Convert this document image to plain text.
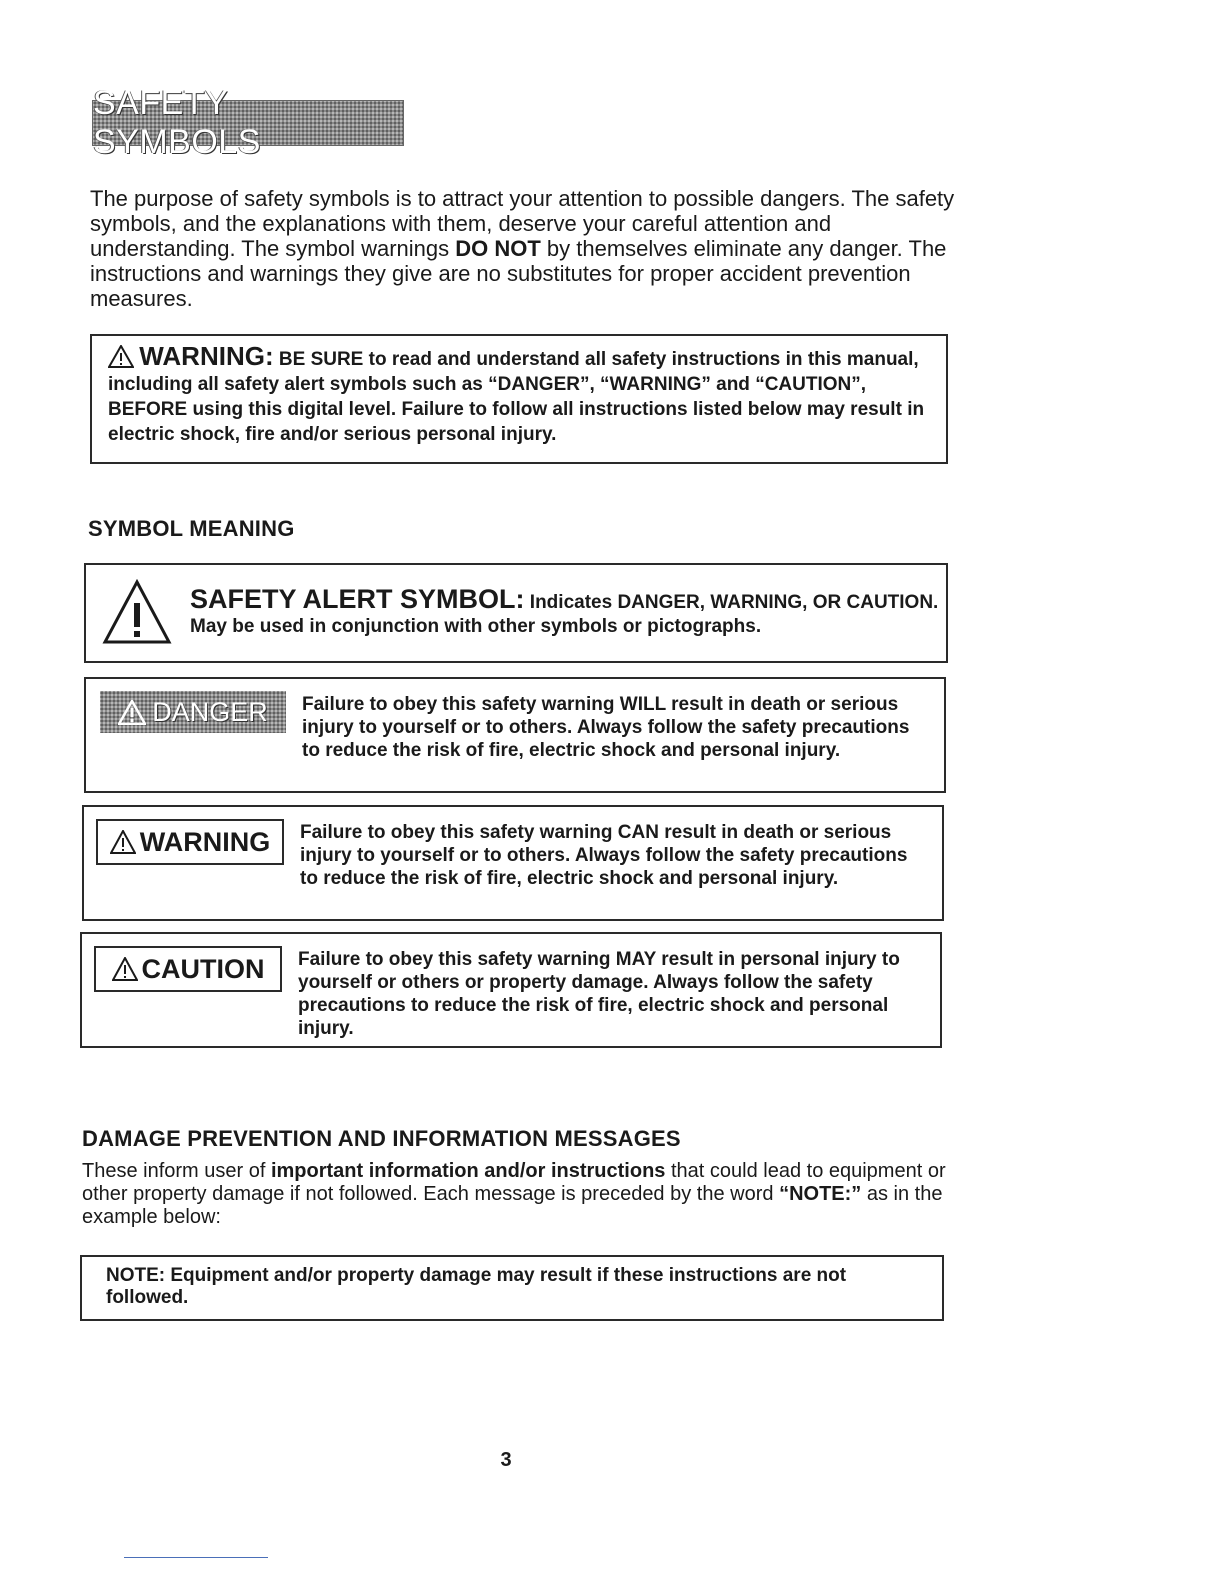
SAFETY SYMBOLS

The purpose of safety symbols is to attract your attention to possible dangers. The safety symbols, and the explanations with them, deserve your careful attention and understanding. The symbol warnings DO NOT by themselves eliminate any danger. The instructions and warnings they give are no substitutes for proper accident prevention measures.

WARNING: BE SURE to read and understand all safety instructions in this manual, including all safety alert symbols such as “DANGER”, “WARNING” and “CAUTION”, BEFORE using this digital level. Failure to follow all instructions listed below may result in electric shock, fire and/or serious personal injury.

SYMBOL MEANING

SAFETY ALERT SYMBOL: Indicates DANGER, WARNING, OR CAUTION. May be used in conjunction with other symbols or pictographs.

DANGER Failure to obey this safety warning WILL result in death or serious injury to yourself or to others. Always follow the safety precautions to reduce the risk of fire, electric shock and personal injury.

WARNING Failure to obey this safety warning CAN result in death or serious injury to yourself or to others. Always follow the safety precautions to reduce the risk of fire, electric shock and personal injury.

CAUTION Failure to obey this safety warning MAY result in personal injury to yourself or others or property damage. Always follow the safety precautions to reduce the risk of fire, electric shock and personal injury.

DAMAGE PREVENTION AND INFORMATION MESSAGES

These inform user of important information and/or instructions that could lead to equipment or other property damage if not followed. Each message is preceded by the word “NOTE:” as in the example below:

NOTE: Equipment and/or property damage may result if these instructions are not followed.

3
